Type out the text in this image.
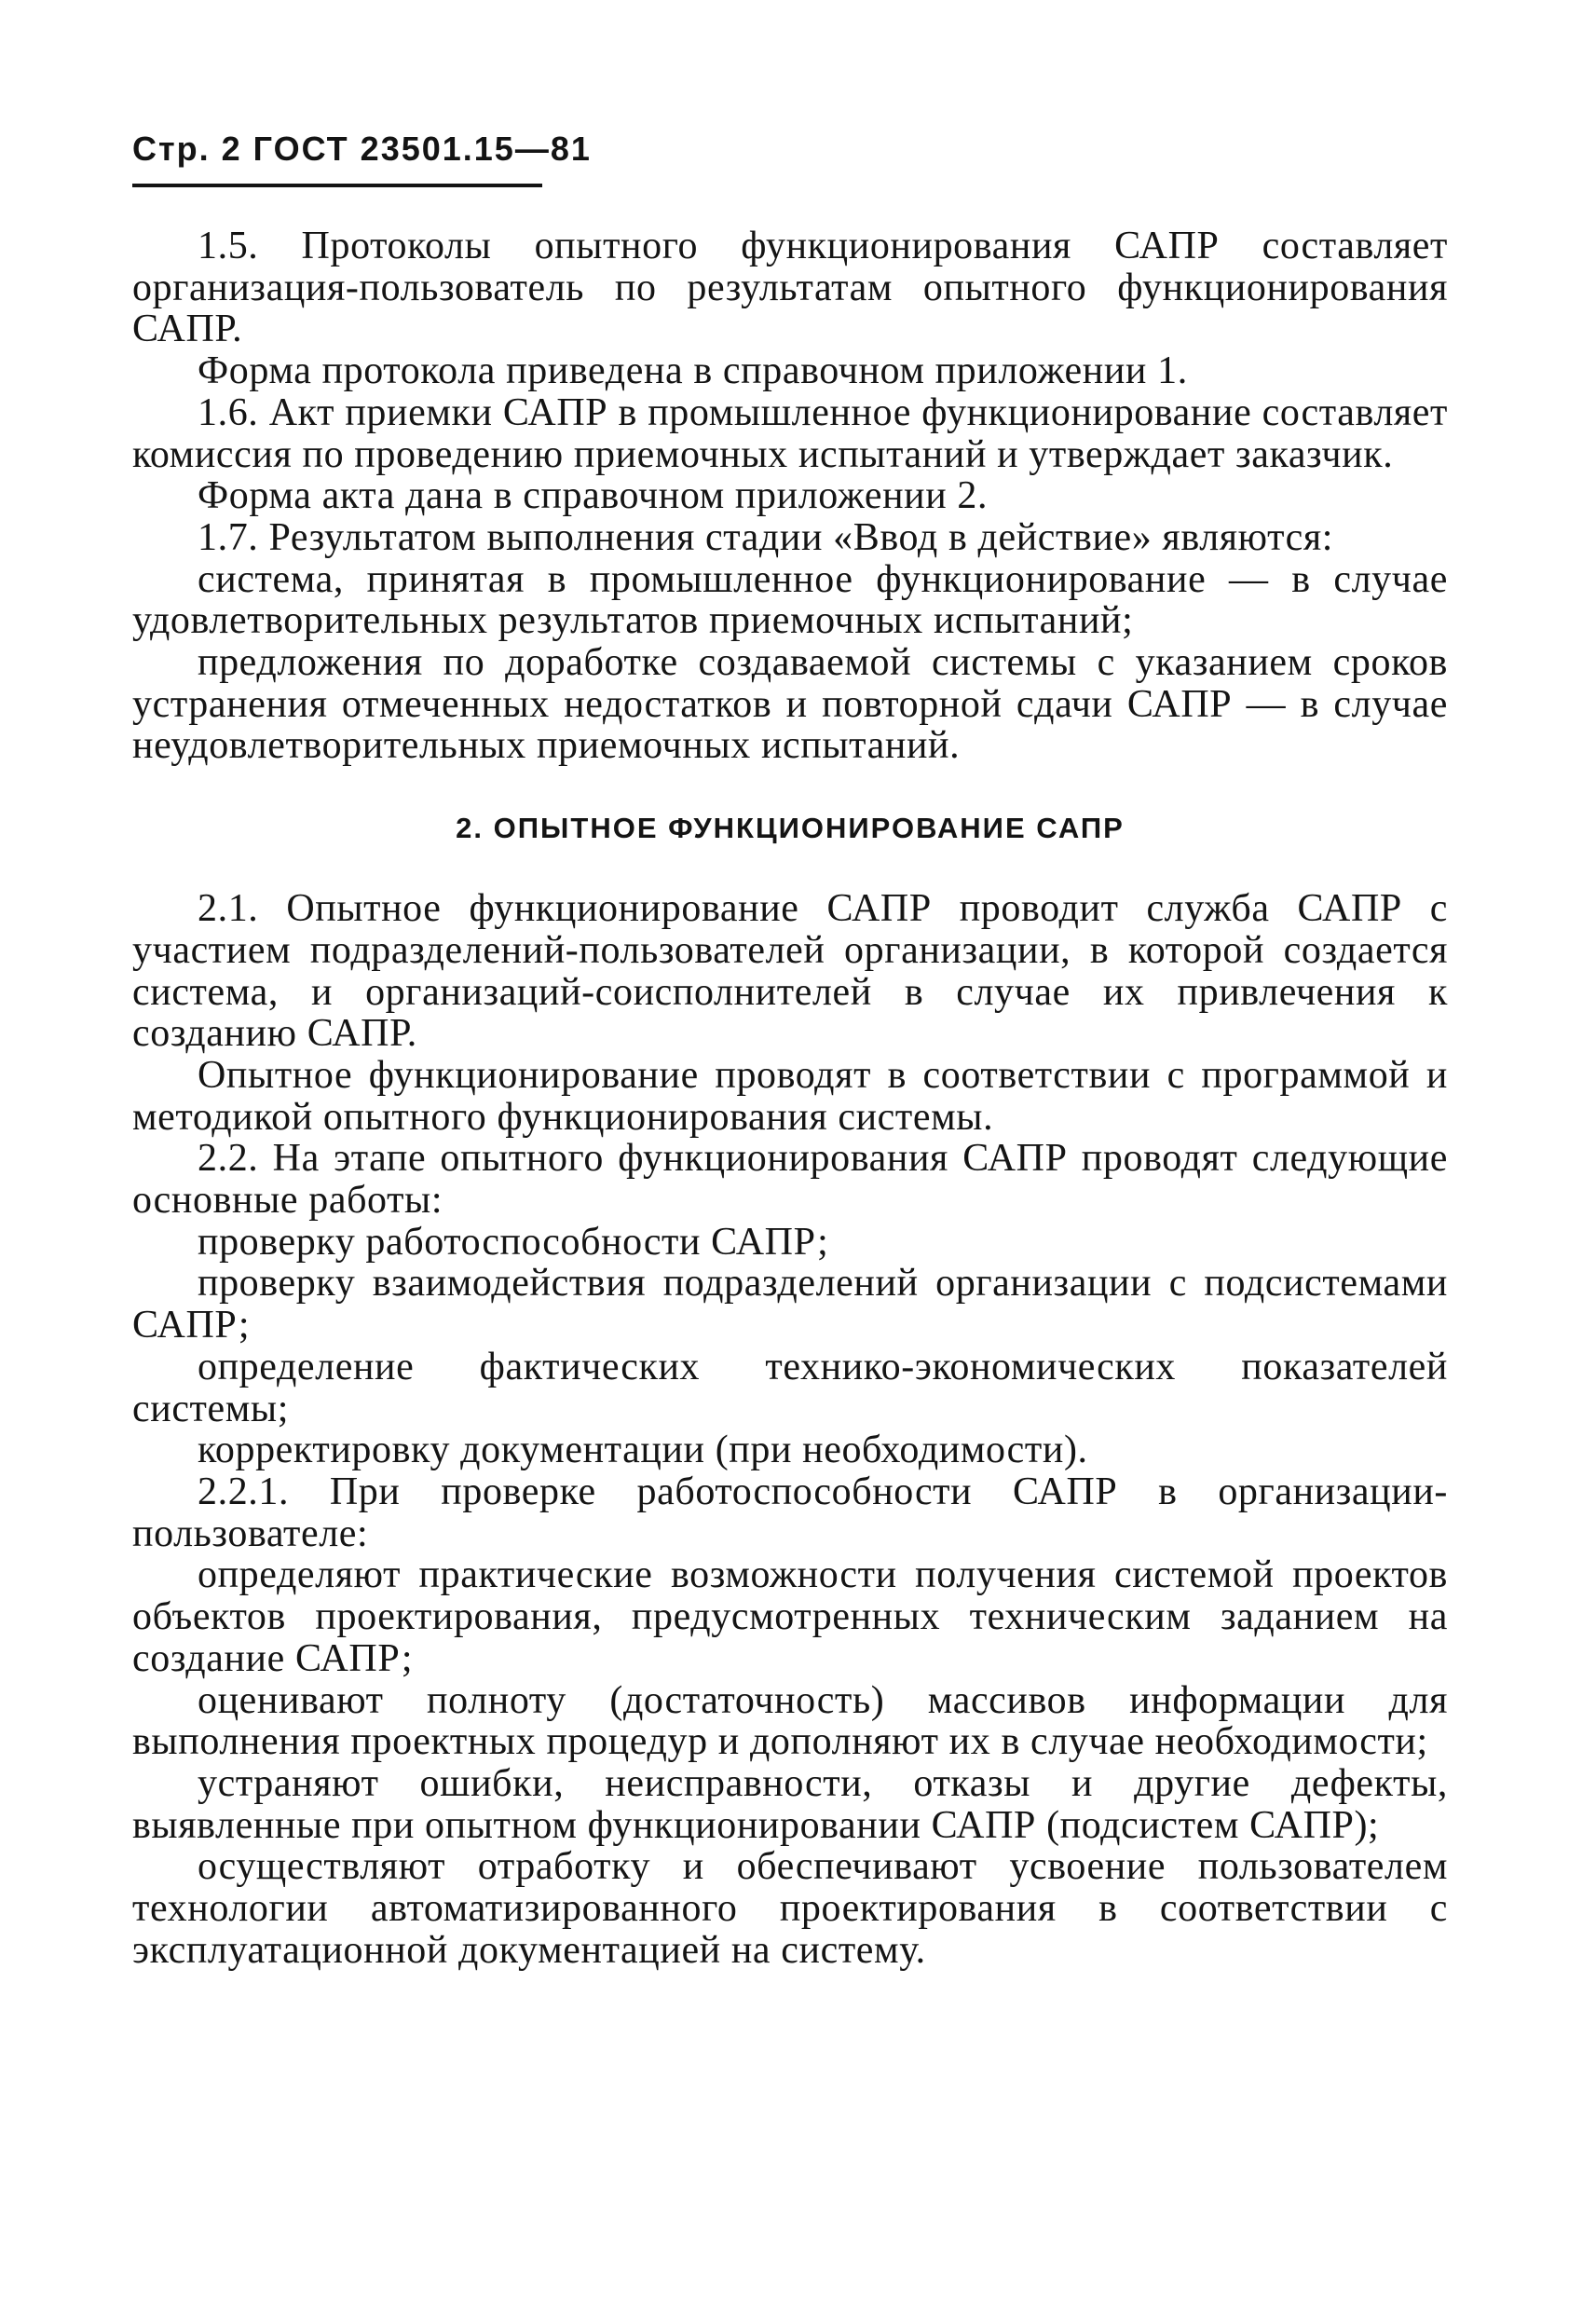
Стр. 2 ГОСТ 23501.15—81

1.5. Протоколы опытного функционирования САПР составляет организация-пользователь по результатам опытного функционирования САПР.

Форма протокола приведена в справочном приложении 1.

1.6. Акт приемки САПР в промышленное функционирование составляет комиссия по проведению приемочных испытаний и утверждает заказчик.

Форма акта дана в справочном приложении 2.

1.7. Результатом выполнения стадии «Ввод в действие» являются:

система, принятая в промышленное функционирование — в случае удовлетворительных результатов приемочных испытаний;

предложения по доработке создаваемой системы с указанием сроков устранения отмеченных недостатков и повторной сдачи САПР — в случае неудовлетворительных приемочных испытаний.

2. ОПЫТНОЕ ФУНКЦИОНИРОВАНИЕ САПР

2.1. Опытное функционирование САПР проводит служба САПР с участием подразделений-пользователей организации, в которой создается система, и организаций-соисполнителей в случае их привлечения к созданию САПР.

Опытное функционирование проводят в соответствии с программой и методикой опытного функционирования системы.

2.2. На этапе опытного функционирования САПР проводят следующие основные работы:

проверку работоспособности САПР;

проверку взаимодействия подразделений организации с подсистемами САПР;

определение фактических технико-экономических показателей системы;

корректировку документации (при необходимости).

2.2.1. При проверке работоспособности САПР в организации-пользователе:

определяют практические возможности получения системой проектов объектов проектирования, предусмотренных техническим заданием на создание САПР;

оценивают полноту (достаточность) массивов информации для выполнения проектных процедур и дополняют их в случае необходимости;

устраняют ошибки, неисправности, отказы и другие дефекты, выявленные при опытном функционировании САПР (подсистем САПР);

осуществляют отработку и обеспечивают усвоение пользователем технологии автоматизированного проектирования в соответствии с эксплуатационной документацией на систему.
